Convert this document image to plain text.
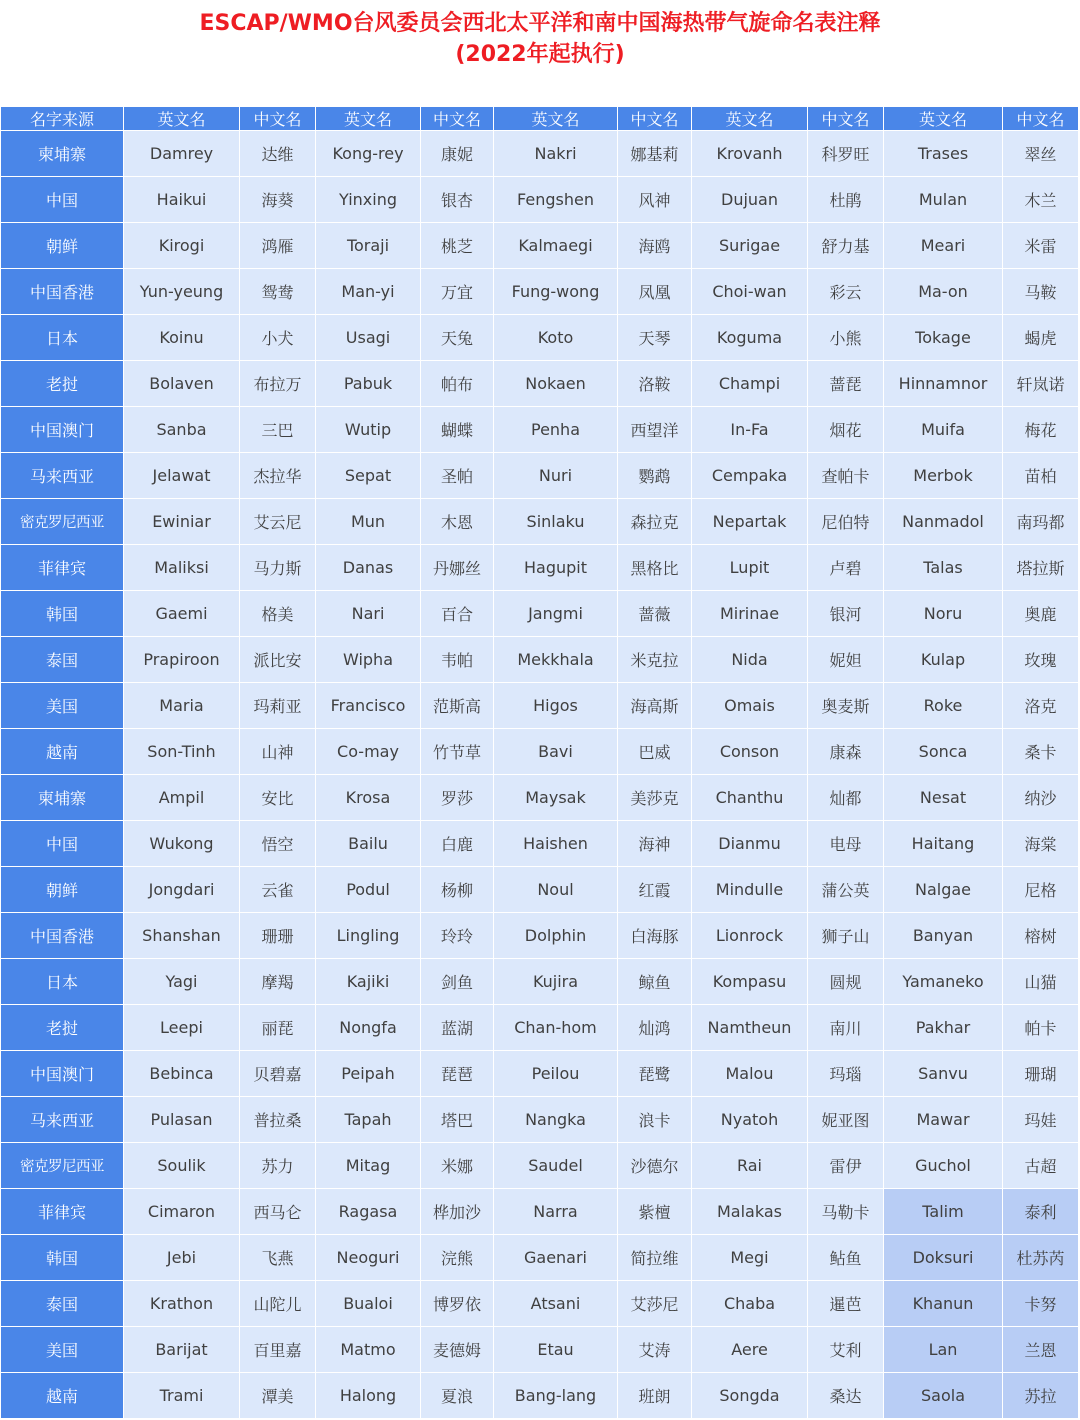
ESCAP/WMO台风委员会西北太平洋和南中国海热带气旋命名表注释
(2022年起执行)
名字来源	英文名	中文名	英文名	中文名	英文名	中文名	英文名	中文名	英文名	中文名
柬埔寨	Damrey	达维	Kong-rey	康妮	Nakri	娜基莉	Krovanh	科罗旺	Trases	翠丝
中国	Haikui	海葵	Yinxing	银杏	Fengshen	风神	Dujuan	杜鹃	Mulan	木兰
朝鲜	Kirogi	鸿雁	Toraji	桃芝	Kalmaegi	海鸥	Surigae	舒力基	Meari	米雷
中国香港	Yun-yeung	鸳鸯	Man-yi	万宜	Fung-wong	凤凰	Choi-wan	彩云	Ma-on	马鞍
日本	Koinu	小犬	Usagi	天兔	Koto	天琴	Koguma	小熊	Tokage	蝎虎
老挝	Bolaven	布拉万	Pabuk	帕布	Nokaen	洛鞍	Champi	蔷琵	Hinnamnor	轩岚诺
中国澳门	Sanba	三巴	Wutip	蝴蝶	Penha	西望洋	In-Fa	烟花	Muifa	梅花
马来西亚	Jelawat	杰拉华	Sepat	圣帕	Nuri	鹦鹉	Cempaka	查帕卡	Merbok	苗柏
密克罗尼西亚	Ewiniar	艾云尼	Mun	木恩	Sinlaku	森拉克	Nepartak	尼伯特	Nanmadol	南玛都
菲律宾	Maliksi	马力斯	Danas	丹娜丝	Hagupit	黑格比	Lupit	卢碧	Talas	塔拉斯
韩国	Gaemi	格美	Nari	百合	Jangmi	蔷薇	Mirinae	银河	Noru	奥鹿
泰国	Prapiroon	派比安	Wipha	韦帕	Mekkhala	米克拉	Nida	妮妲	Kulap	玫瑰
美国	Maria	玛莉亚	Francisco	范斯高	Higos	海高斯	Omais	奥麦斯	Roke	洛克
越南	Son-Tinh	山神	Co-may	竹节草	Bavi	巴威	Conson	康森	Sonca	桑卡
柬埔寨	Ampil	安比	Krosa	罗莎	Maysak	美莎克	Chanthu	灿都	Nesat	纳沙
中国	Wukong	悟空	Bailu	白鹿	Haishen	海神	Dianmu	电母	Haitang	海棠
朝鲜	Jongdari	云雀	Podul	杨柳	Noul	红霞	Mindulle	蒲公英	Nalgae	尼格
中国香港	Shanshan	珊珊	Lingling	玲玲	Dolphin	白海豚	Lionrock	狮子山	Banyan	榕树
日本	Yagi	摩羯	Kajiki	剑鱼	Kujira	鲸鱼	Kompasu	圆规	Yamaneko	山猫
老挝	Leepi	丽琵	Nongfa	蓝湖	Chan-hom	灿鸿	Namtheun	南川	Pakhar	帕卡
中国澳门	Bebinca	贝碧嘉	Peipah	琵琶	Peilou	琵鹭	Malou	玛瑙	Sanvu	珊瑚
马来西亚	Pulasan	普拉桑	Tapah	塔巴	Nangka	浪卡	Nyatoh	妮亚图	Mawar	玛娃
密克罗尼西亚	Soulik	苏力	Mitag	米娜	Saudel	沙德尔	Rai	雷伊	Guchol	古超
菲律宾	Cimaron	西马仑	Ragasa	桦加沙	Narra	紫檀	Malakas	马勒卡	Talim	泰利
韩国	Jebi	飞燕	Neoguri	浣熊	Gaenari	简拉维	Megi	鲇鱼	Doksuri	杜苏芮
泰国	Krathon	山陀儿	Bualoi	博罗依	Atsani	艾莎尼	Chaba	暹芭	Khanun	卡努
美国	Barijat	百里嘉	Matmo	麦德姆	Etau	艾涛	Aere	艾利	Lan	兰恩
越南	Trami	潭美	Halong	夏浪	Bang-lang	班朗	Songda	桑达	Saola	苏拉
